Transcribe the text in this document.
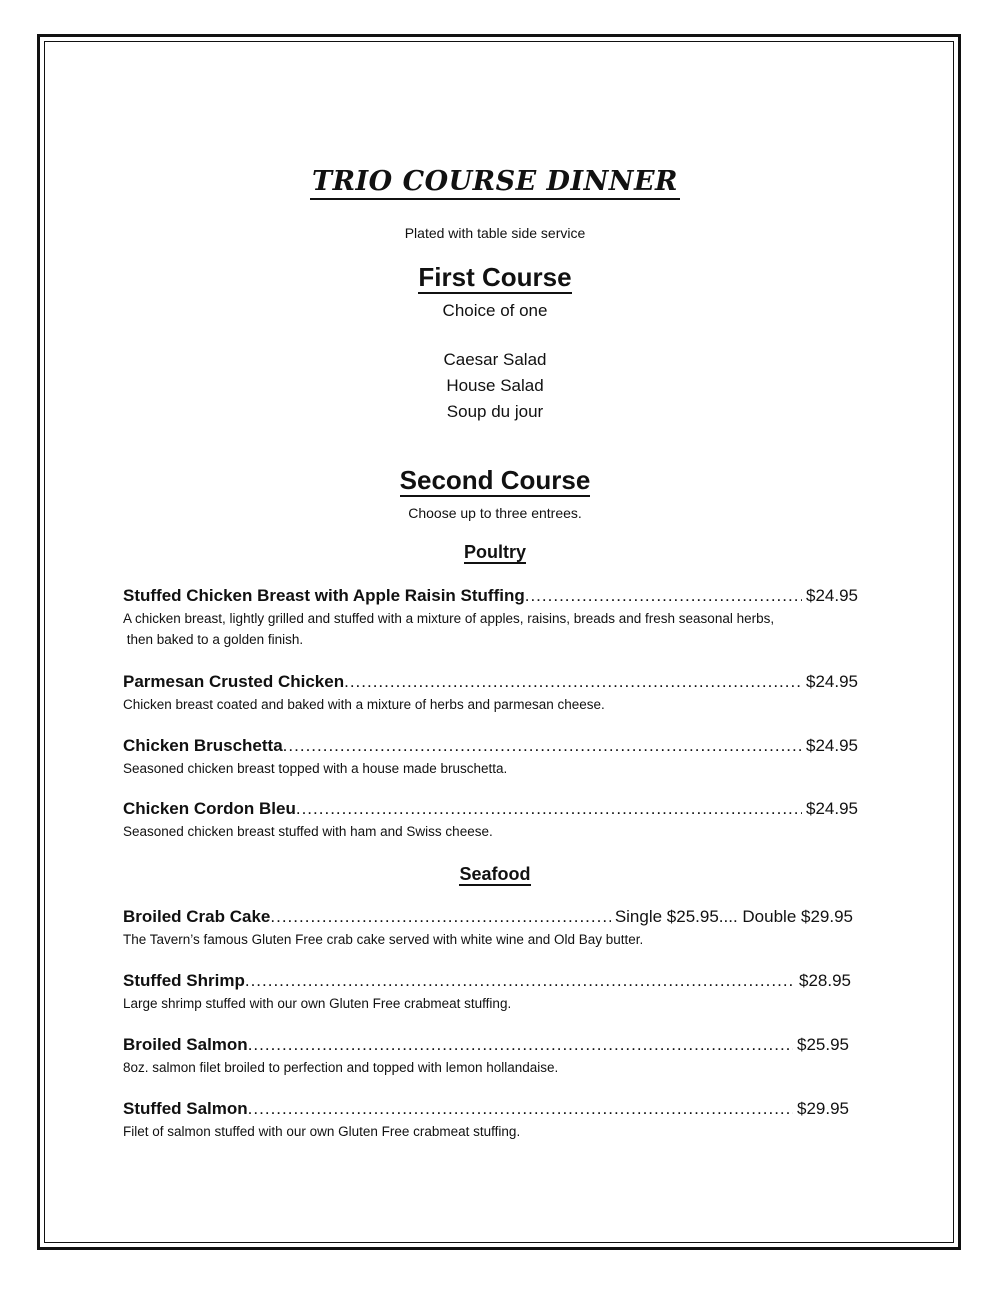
TRIO COURSE DINNER
Plated with table side service
First Course
Choice of one
Caesar Salad
House Salad
Soup du jour
Second Course
Choose up to three entrees.
Poultry
Stuffed Chicken Breast with Apple Raisin Stuffing .....	$24.95
A chicken breast, lightly grilled and stuffed with a mixture of apples, raisins, breads and fresh seasonal herbs,
then baked to a golden finish.
Parmesan Crusted Chicken .....	$24.95
Chicken breast coated and baked with a mixture of herbs and parmesan cheese.
Chicken Bruschetta .....	$24.95
Seasoned chicken breast topped with a house made bruschetta.
Chicken Cordon Bleu .....	$24.95
Seasoned chicken breast stuffed with ham and Swiss cheese.
Seafood
Broiled Crab Cake .....	Single $25.95.... Double $29.95
The Tavern’s famous Gluten Free crab cake served with white wine and Old Bay butter.
Stuffed Shrimp .....	$28.95
Large shrimp stuffed with our own Gluten Free crabmeat stuffing.
Broiled Salmon .....	$25.95
8oz. salmon filet broiled to perfection and topped with lemon hollandaise.
Stuffed Salmon .....	$29.95
Filet of salmon stuffed with our own Gluten Free crabmeat stuffing.
